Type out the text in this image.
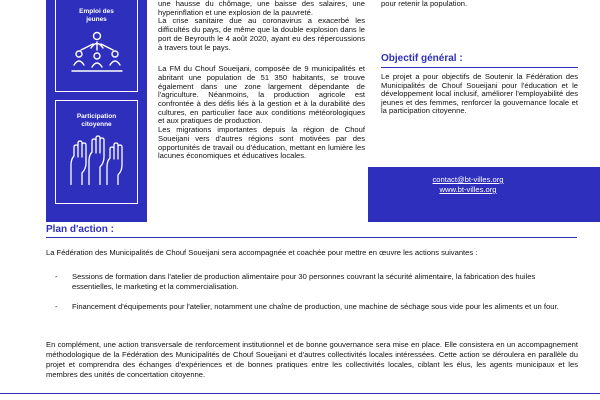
Emploi des
jeunes
Participation
citoyenne

une hausse du chômage, une baisse des salaires, une hyperinflation et une explosion de la pauvreté.

La crise sanitaire due au coronavirus a exacerbé les difficultés du pays, de même que la double explosion dans le port de Beyrouth le 4 août 2020, ayant eu des répercussions à travers tout le pays.

La FM du Chouf Soueijani, composée de 9 municipalités et abritant une population de 51 350 habitants, se trouve également dans une zone largement dépendante de l'agriculture. Néanmoins, la production agricole est confrontée à des défis liés à la gestion et à la durabilité des cultures, en particulier face aux conditions météorologiques et aux pratiques de production.

Les migrations importantes depuis la région de Chouf Soueijani vers d'autres régions sont motivées par des opportunités de travail ou d'éducation, mettant en lumière les lacunes économiques et éducatives locales.

pour retenir la population.
Objectif général :
Le projet a pour objectifs de Soutenir la Fédération des Municipalités de Chouf Soueijani pour l'éducation et le développement local inclusif, améliorer l'employabilité des jeunes et des femmes, renforcer la gouvernance locale et la participation citoyenne.
contact@bt-villes.org
www.bt-villes.org
Plan d'action :
La Fédération des Municipalités de Chouf Soueijani sera accompagnée et coachée pour mettre en œuvre les actions suivantes :
- Sessions de formation dans l'atelier de production alimentaire pour 30 personnes couvrant la sécurité alimentaire, la fabrication des huiles essentielles, le marketing et la commercialisation.
- Financement d'équipements pour l'atelier, notamment une chaîne de production, une machine de séchage sous vide pour les aliments et un four.
En complément, une action transversale de renforcement institutionnel et de bonne gouvernance sera mise en place. Elle consistera en un accompagnement méthodologique de la Fédération des Municipalités de Chouf Soueijani et d'autres collectivités locales intéressées. Cette action se déroulera en parallèle du projet et comprendra des échanges d'expériences et de bonnes pratiques entre les collectivités locales, ciblant les élus, les agents municipaux et les membres des unités de concertation citoyenne.
